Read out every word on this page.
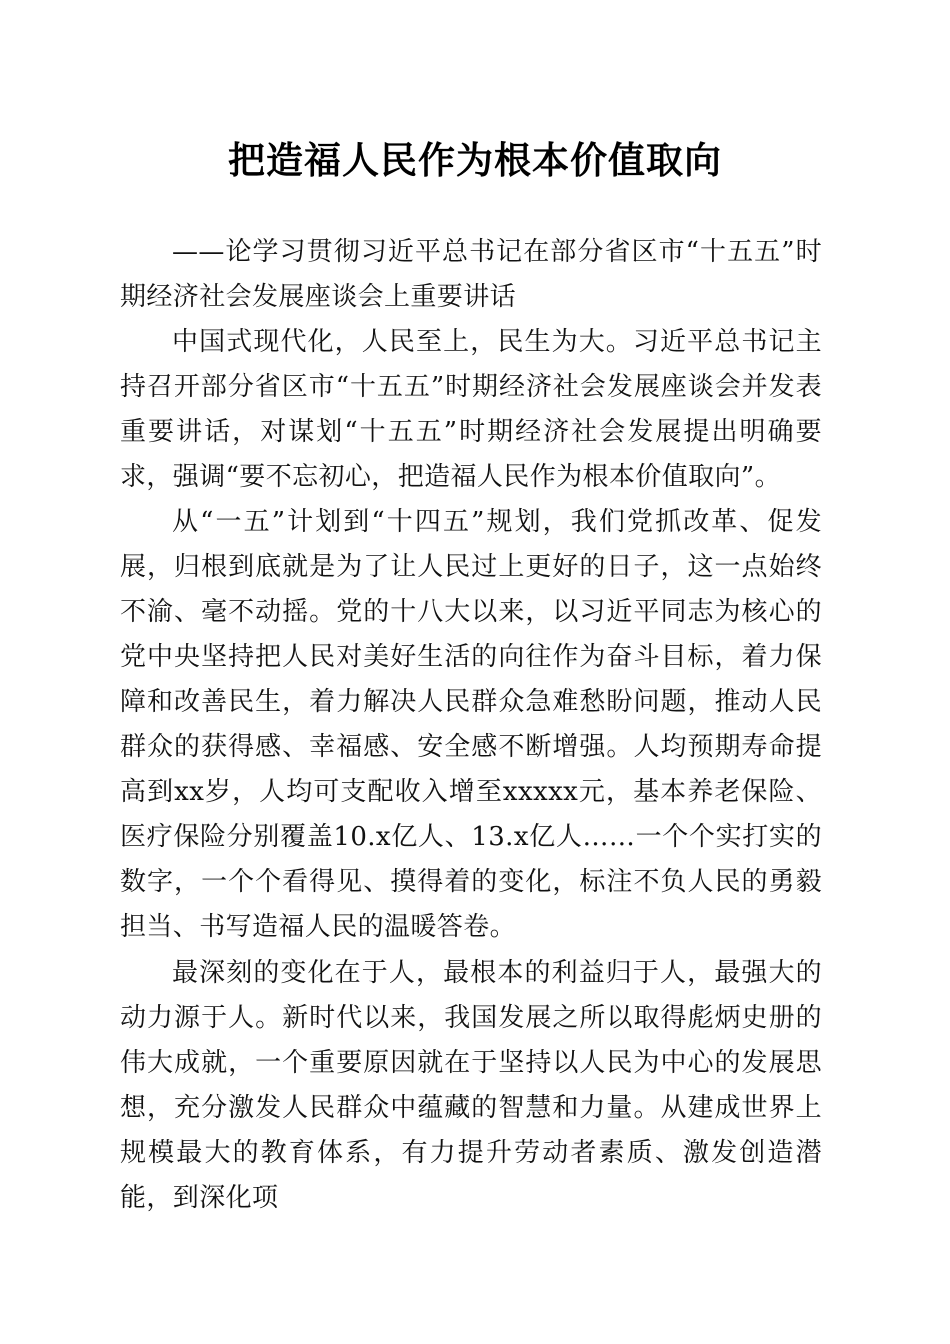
把造福人民作为根本价值取向

——论学习贯彻习近平总书记在部分省区市“十五五”时期经济社会发展座谈会上重要讲话

中国式现代化，人民至上，民生为大。习近平总书记主持召开部分省区市“十五五”时期经济社会发展座谈会并发表重要讲话，对谋划“十五五”时期经济社会发展提出明确要求，强调“要不忘初心，把造福人民作为根本价值取向”。

从“一五”计划到“十四五”规划，我们党抓改革、促发展，归根到底就是为了让人民过上更好的日子，这一点始终不渝、毫不动摇。党的十八大以来，以习近平同志为核心的党中央坚持把人民对美好生活的向往作为奋斗目标，着力保障和改善民生，着力解决人民群众急难愁盼问题，推动人民群众的获得感、幸福感、安全感不断增强。人均预期寿命提高到xx岁，人均可支配收入增至xxxxx元，基本养老保险、医疗保险分别覆盖10.x亿人、13.x亿人……一个个实打实的数字，一个个看得见、摸得着的变化，标注不负人民的勇毅担当、书写造福人民的温暖答卷。

最深刻的变化在于人，最根本的利益归于人，最强大的动力源于人。新时代以来，我国发展之所以取得彪炳史册的伟大成就，一个重要原因就在于坚持以人民为中心的发展思想，充分激发人民群众中蕴藏的智慧和力量。从建成世界上规模最大的教育体系，有力提升劳动者素质、激发创造潜能，到深化项
